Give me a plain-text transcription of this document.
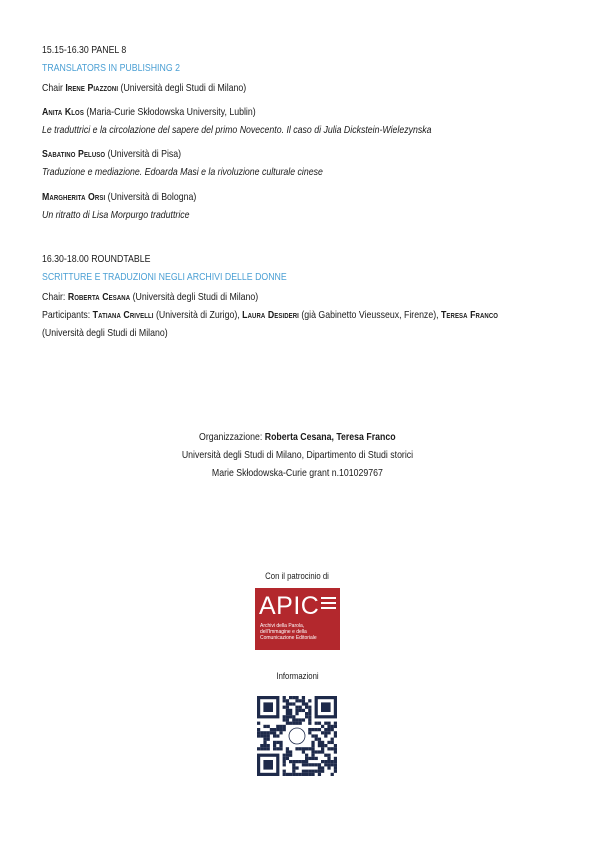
15.15-16.30 PANEL 8
TRANSLATORS IN PUBLISHING 2
Chair Irene Piazzoni (Università degli Studi di Milano)
Anita Klos (Maria-Curie Skłodowska University, Lublin)
Le traduttrici e la circolazione del sapere del primo Novecento. Il caso di Julia Dickstein-Wielezynska
Sabatino Peluso (Università di Pisa)
Traduzione e mediazione. Edoarda Masi e la rivoluzione culturale cinese
Margherita Orsi (Università di Bologna)
Un ritratto di Lisa Morpurgo traduttrice
16.30-18.00 ROUNDTABLE
SCRITTURE E TRADUZIONI NEGLI ARCHIVI DELLE DONNE
Chair: Roberta Cesana (Università degli Studi di Milano)
Participants: Tatiana Crivelli (Università di Zurigo), Laura Desideri (già Gabinetto Vieusseux, Firenze), Teresa Franco
(Università degli Studi di Milano)
Organizzazione: Roberta Cesana, Teresa Franco
Università degli Studi di Milano, Dipartimento di Studi storici
Marie Skłodowska-Curie grant n.101029767
Con il patrocinio di
APIC
Archivi della Parola, dell'Immagine e della Comunicazione Editoriale
Informazioni
